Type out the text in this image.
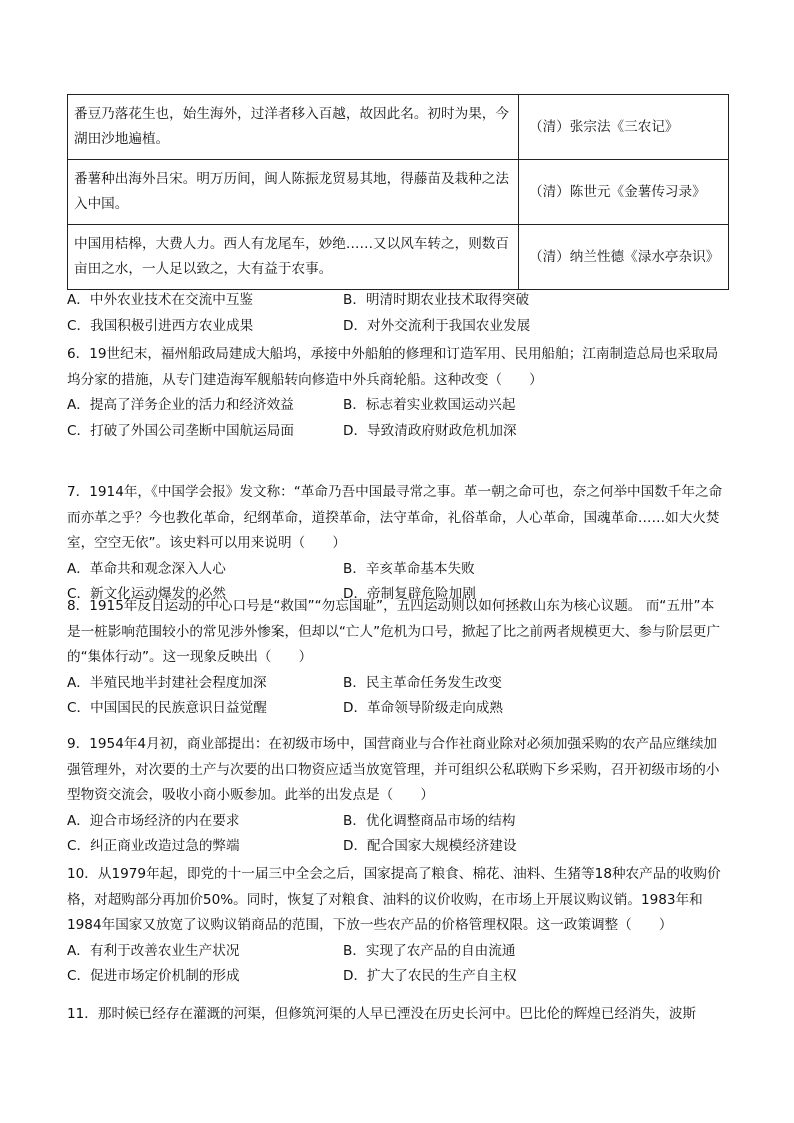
番豆乃落花生也，始生海外，过洋者移入百越，故因此名。初时为果，今湖田沙地遍植。	（清）张宗法《三农记》
番薯种出海外吕宋。明万历间，闽人陈振龙贸易其地，得藤苗及栽种之法入中国。	（清）陈世元《金薯传习录》
中国用桔槔，大费人力。西人有龙尾车，妙绝……又以风车转之，则数百亩田之水，一人足以致之，大有益于农事。	（清）纳兰性德《渌水亭杂识》
A．中外农业技术在交流中互鉴	B．明清时期农业技术取得突破
C．我国积极引进西方农业成果	D．对外交流利于我国农业发展

6．19世纪末，福州船政局建成大船坞，承接中外船舶的修理和订造军用、民用船舶；江南制造总局也采取局坞分家的措施，从专门建造海军舰船转向修造中外兵商轮船。这种改变（　　）

A．提高了洋务企业的活力和经济效益	B．标志着实业救国运动兴起
C．打破了外国公司垄断中国航运局面	D．导致清政府财政危机加深

7．1914年，《中国学会报》发文称：“革命乃吾中国最寻常之事。革一朝之命可也，奈之何举中国数千年之命而亦革之乎？今也教化革命，纪纲革命，道揆革命，法守革命，礼俗革命，人心革命，国魂革命……如大火焚室，空空无依”。该史料可以用来说明（　　）

A．革命共和观念深入人心	B．辛亥革命基本失败
C．新文化运动爆发的必然	D．帝制复辟危险加剧

8．1915年反日运动的中心口号是“救国”“勿忘国耻”，五四运动则以如何拯救山东为核心议题。 而“五卅”本是一桩影响范围较小的常见涉外惨案，但却以“亡人”危机为口号，掀起了比之前两者规模更大、参与阶层更广的“集体行动”。这一现象反映出（　　）

A．半殖民地半封建社会程度加深	B．民主革命任务发生改变
C．中国国民的民族意识日益觉醒	D．革命领导阶级走向成熟

9．1954年4月初，商业部提出：在初级市场中，国营商业与合作社商业除对必须加强采购的农产品应继续加强管理外，对次要的土产与次要的出口物资应适当放宽管理，并可组织公私联购下乡采购，召开初级市场的小型物资交流会，吸收小商小贩参加。此举的出发点是（　　）

A．迎合市场经济的内在要求	B．优化调整商品市场的结构
C．纠正商业改造过急的弊端	D．配合国家大规模经济建设

10．从1979年起，即党的十一届三中全会之后，国家提高了粮食、棉花、油料、生猪等18种农产品的收购价格，对超购部分再加价50%。同时，恢复了对粮食、油料的议价收购，在市场上开展议购议销。1983年和1984年国家又放宽了议购议销商品的范围，下放一些农产品的价格管理权限。这一政策调整（　　）

A．有利于改善农业生产状况	B．实现了农产品的自由流通
C．促进市场定价机制的形成	D．扩大了农民的生产自主权

11．那时候已经存在灌溉的河渠，但修筑河渠的人早已湮没在历史长河中。巴比伦的辉煌已经消失，波斯
